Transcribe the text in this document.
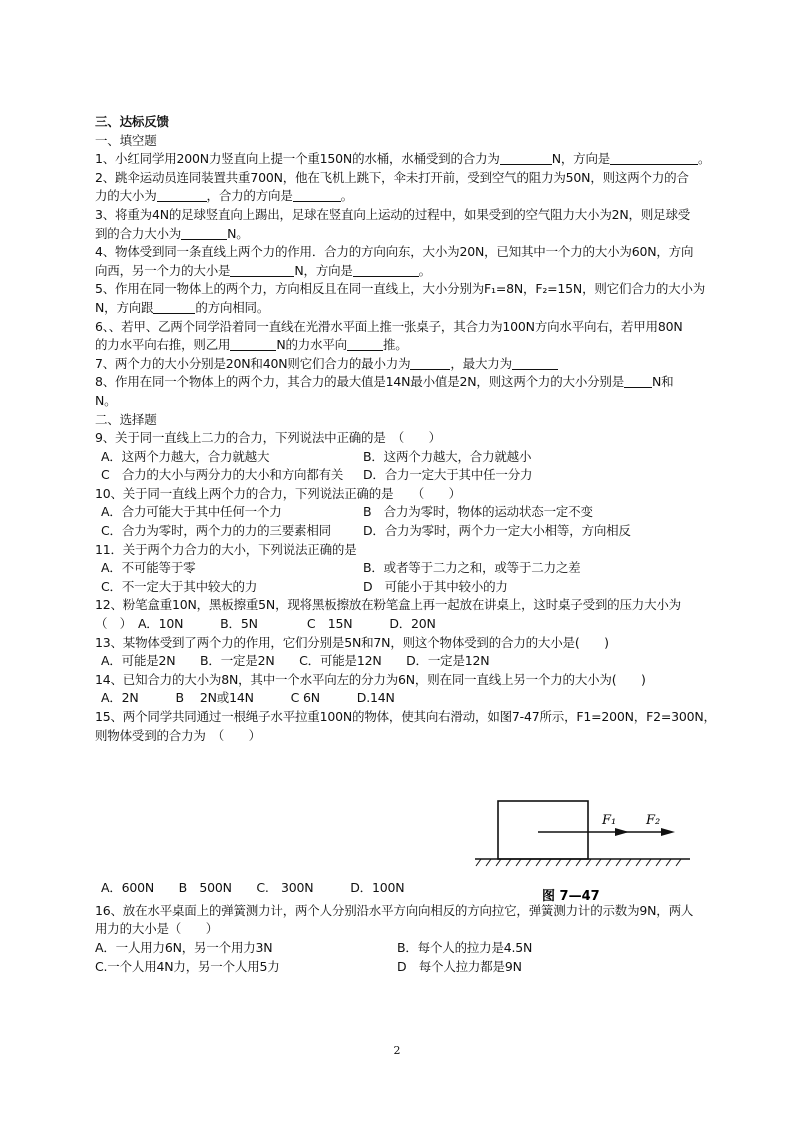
三、达标反馈
一、填空题
1、小红同学用200N力竖直向上提一个重150N的水桶，水桶受到的合力为	N，方向是	。
2、跳伞运动员连同装置共重700N，他在飞机上跳下，伞未打开前，受到空气的阻力为50N，则这两个力的合
力的大小为	，合力的方向是	。
3、将重为4N的足球竖直向上踢出，足球在竖直向上运动的过程中，如果受到的空气阻力大小为2N，则足球受
到的合力大小为	N。
4、物体受到同一条直线上两个力的作用．合力的方向向东，大小为20N，已知其中一个力的大小为60N，方向
向西，另一个力的大小是	N，方向是	。
5、作用在同一物体上的两个力，方向相反且在同一直线上，大小分别为F₁=8N，F₂=15N，则它们合力的大小为
N，方向跟	的方向相同。
6、、若甲、乙两个同学沿着同一直线在光滑水平面上推一张桌子，其合力为100N方向水平向右，若甲用80N
的力水平向右推，则乙用	N的力水平向	推。
7、两个力的大小分别是20N和40N则它们合力的最小力为	，最大力为
8、作用在同一个物体上的两个力，其合力的最大值是14N最小值是2N，则这两个力的大小分别是 N和
N。
二、选择题
9、关于同一直线上二力的合力，下列说法中正确的是　（　　）
A．这两个力越大，合力就越大	B．这两个力越大，合力就越小
C　合力的大小与两分力的大小和方向都有关 D．合力一定大于其中任一分力
10、关于同一直线上两个力的合力，下列说法正确的是　　（　　）
A．合力可能大于其中任何一个力	B　合力为零时，物体的运动状态一定不变
C．合力为零时，两个力的力的三要素相同	D．合力为零时，两个力一定大小相等，方向相反
11．关于两个力合力的大小，下列说法正确的是
A．不可能等于零	B．或者等于二力之和，或等于二力之差
C．不一定大于其中较大的力	D　可能小于其中较小的力
12、粉笔盒重10N，黑板擦重5N，现将黑板擦放在粉笔盒上再一起放在讲桌上，这时桌子受到的压力大小为
（　）　A．10N　　　B．5N　　　　C　15N　　　D．20N
13、某物体受到了两个力的作用，它们分别是5N和7N，则这个物体受到的合力的大小是(　　)
A．可能是2N　　B．一定是2N　　C．可能是12N　　D．一定是12N
14、已知合力的大小为8N，其中一个水平向左的分力为6N，则在同一直线上另一个力的大小为(　　)
A．2N　　　B　 2N或14N　　　C 6N　　　D.14N
15、两个同学共同通过一根绳子水平拉重100N的物体，使其向右滑动，如图7-47所示，F1=200N，F2=300N，
则物体受到的合力为　（　　）
A．600N　　B　500N　　C.　300N　　　D．100N
16、放在水平桌面上的弹簧测力计，两个人分别沿水平方向向相反的方向拉它，弹簧测力计的示数为9N，两人
用力的大小是（　　）
A．一人用力6N，另一个用力3N	B．每个人的拉力是4.5N
C.一个人用4N力，另一个人用5力	D　每个人拉力都是9N
F₁ F₂
图 7—47
2
